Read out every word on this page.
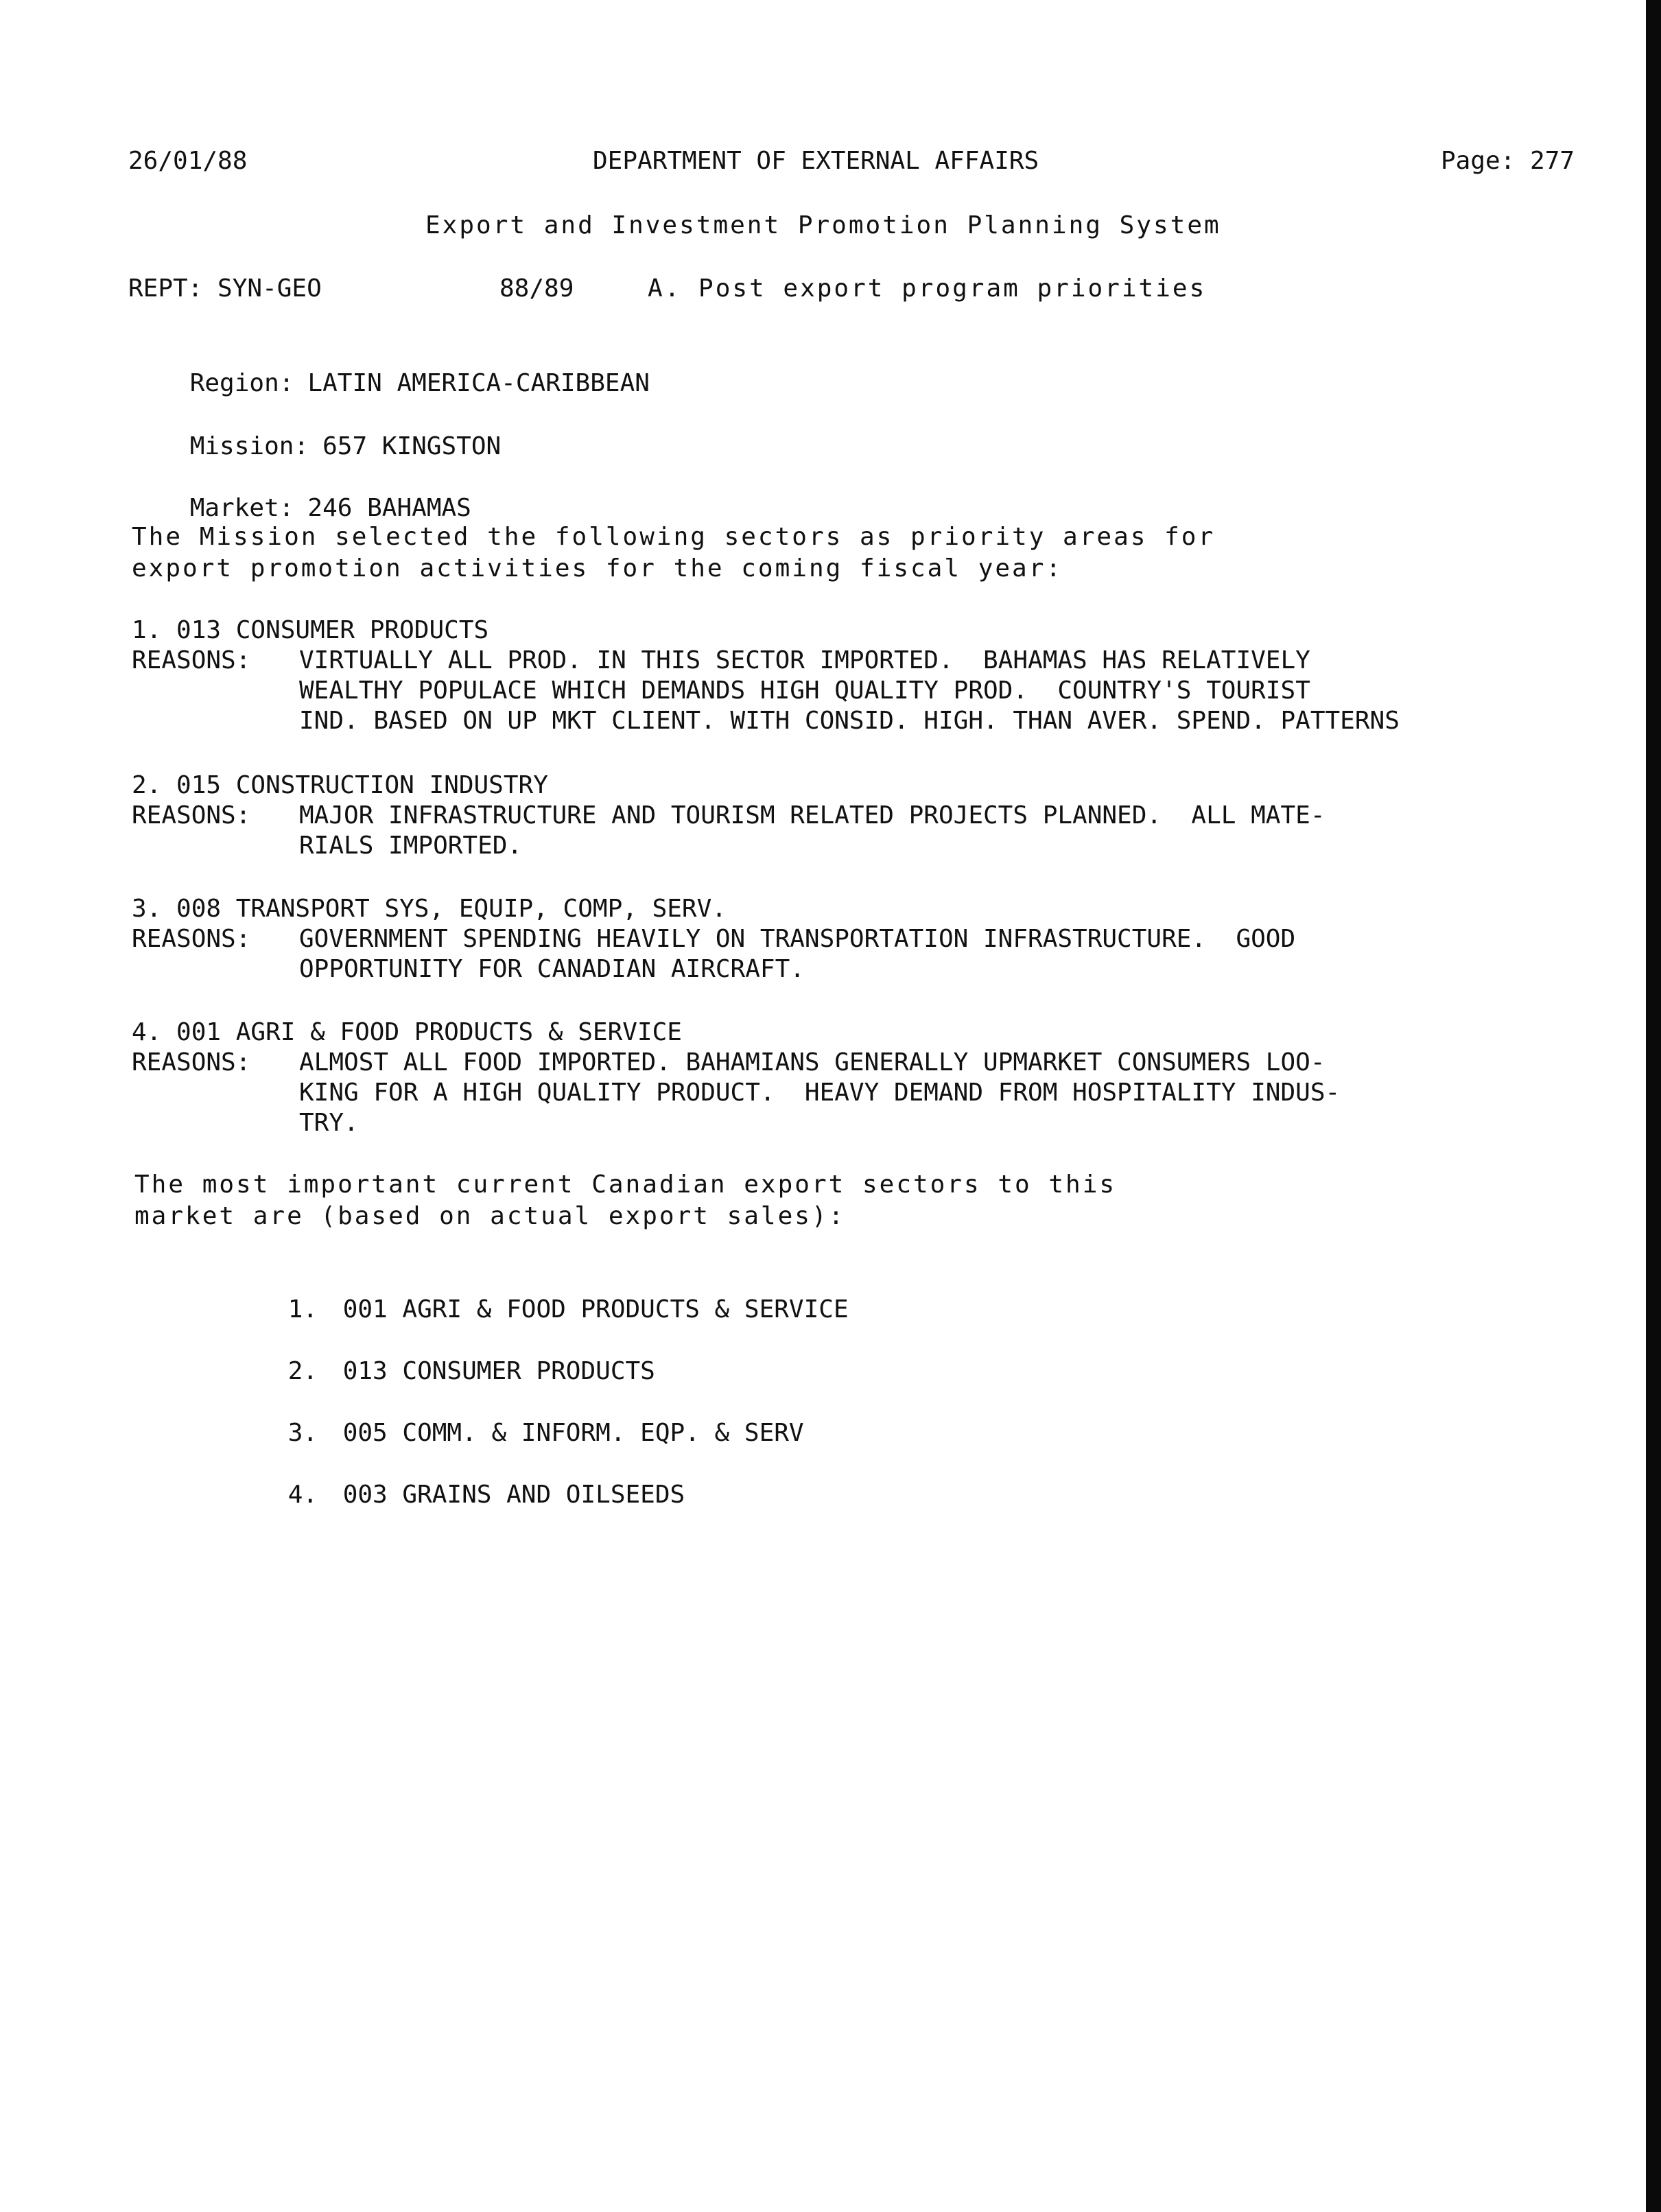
26/01/88	DEPARTMENT OF EXTERNAL AFFAIRS	Page: 277
Export and Investment Promotion Planning System
REPT: SYN-GEO	88/89	A. Post export program priorities

Region: LATIN AMERICA-CARIBBEAN

Mission: 657 KINGSTON

Market: 246 BAHAMAS

The Mission selected the following sectors as priority areas for
export promotion activities for the coming fiscal year:
1. 013 CONSUMER PRODUCTS
REASONS: VIRTUALLY ALL PROD. IN THIS SECTOR IMPORTED.  BAHAMAS HAS RELATIVELY
WEALTHY POPULACE WHICH DEMANDS HIGH QUALITY PROD.  COUNTRY'S TOURIST
IND. BASED ON UP MKT CLIENT. WITH CONSID. HIGH. THAN AVER. SPEND. PATTERNS
2. 015 CONSTRUCTION INDUSTRY
REASONS: MAJOR INFRASTRUCTURE AND TOURISM RELATED PROJECTS PLANNED.  ALL MATE-
RIALS IMPORTED.
3. 008 TRANSPORT SYS, EQUIP, COMP, SERV.
REASONS: GOVERNMENT SPENDING HEAVILY ON TRANSPORTATION INFRASTRUCTURE.  GOOD
OPPORTUNITY FOR CANADIAN AIRCRAFT.
4. 001 AGRI & FOOD PRODUCTS & SERVICE
REASONS: ALMOST ALL FOOD IMPORTED. BAHAMIANS GENERALLY UPMARKET CONSUMERS LOO-
KING FOR A HIGH QUALITY PRODUCT.  HEAVY DEMAND FROM HOSPITALITY INDUS-
TRY.
The most important current Canadian export sectors to this
market are (based on actual export sales):

1. 001 AGRI & FOOD PRODUCTS & SERVICE

2. 013 CONSUMER PRODUCTS

3. 005 COMM. & INFORM. EQP. & SERV

4. 003 GRAINS AND OILSEEDS
